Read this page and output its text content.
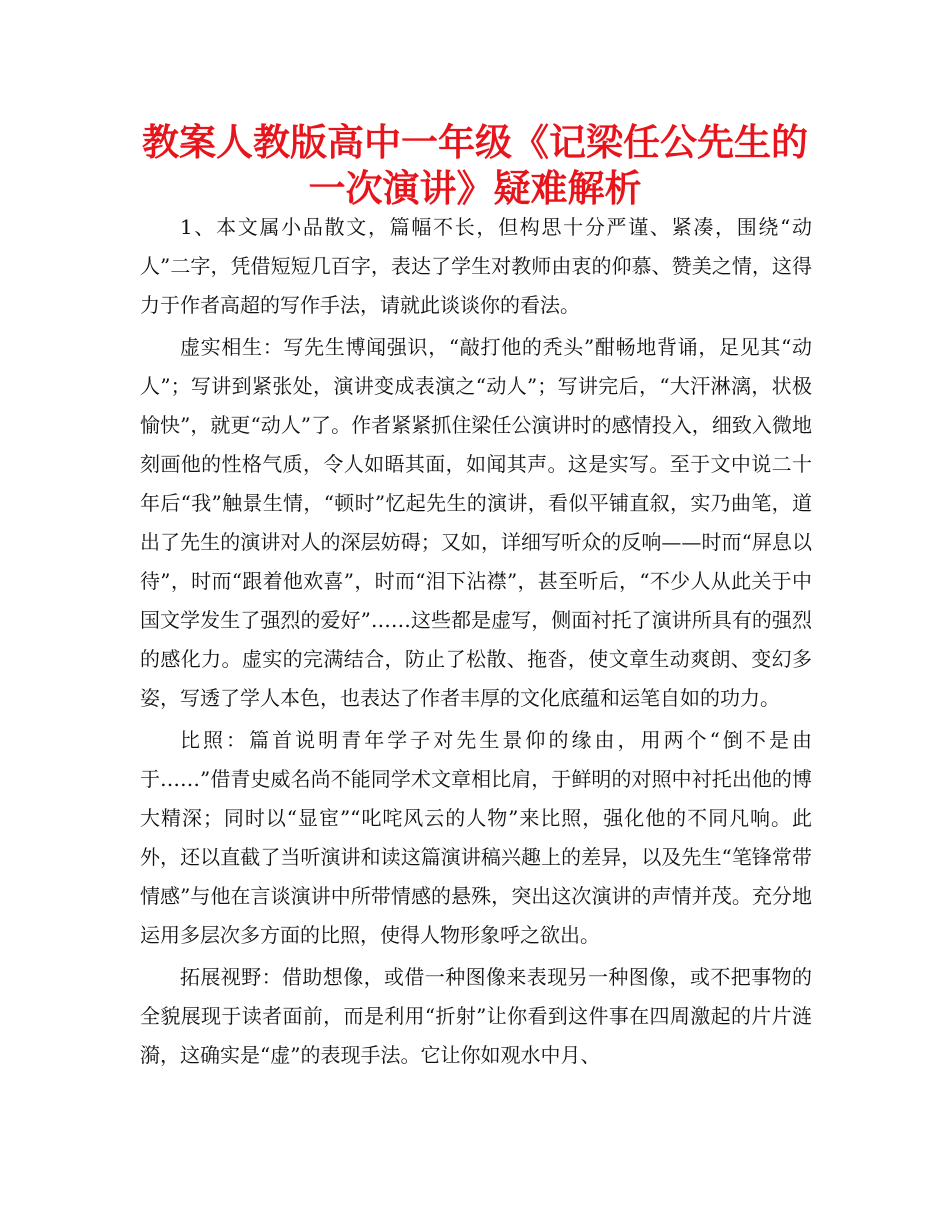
教案人教版高中一年级《记梁任公先生的
一次演讲》疑难解析

1、本文属小品散文，篇幅不长，但构思十分严谨、紧凑，围绕“动人”二字，凭借短短几百字，表达了学生对教师由衷的仰慕、赞美之情，这得力于作者高超的写作手法，请就此谈谈你的看法。

虚实相生：写先生博闻强识，“敲打他的秃头”酣畅地背诵，足见其“动人”；写讲到紧张处，演讲变成表演之“动人”；写讲完后，“大汗淋漓，状极愉快”，就更“动人”了。作者紧紧抓住梁任公演讲时的感情投入，细致入微地刻画他的性格气质，令人如晤其面，如闻其声。这是实写。至于文中说二十年后“我”触景生情，“顿时”忆起先生的演讲，看似平铺直叙，实乃曲笔，道出了先生的演讲对人的深层妨碍；又如，详细写听众的反响——时而“屏息以待”，时而“跟着他欢喜”，时而“泪下沾襟”，甚至听后，“不少人从此关于中国文学发生了强烈的爱好”……这些都是虚写，侧面衬托了演讲所具有的强烈的感化力。虚实的完满结合，防止了松散、拖沓，使文章生动爽朗、变幻多姿，写透了学人本色，也表达了作者丰厚的文化底蕴和运笔自如的功力。

比照：篇首说明青年学子对先生景仰的缘由，用两个“倒不是由于……”借青史威名尚不能同学术文章相比肩，于鲜明的对照中衬托出他的博大精深；同时以“显宦”“叱咤风云的人物”来比照，强化他的不同凡响。此外，还以直截了当听演讲和读这篇演讲稿兴趣上的差异，以及先生“笔锋常带情感”与他在言谈演讲中所带情感的悬殊，突出这次演讲的声情并茂。充分地运用多层次多方面的比照，使得人物形象呼之欲出。

拓展视野：借助想像，或借一种图像来表现另一种图像，或不把事物的全貌展现于读者面前，而是利用“折射”让你看到这件事在四周激起的片片涟漪，这确实是“虚”的表现手法。它让你如观水中月、
